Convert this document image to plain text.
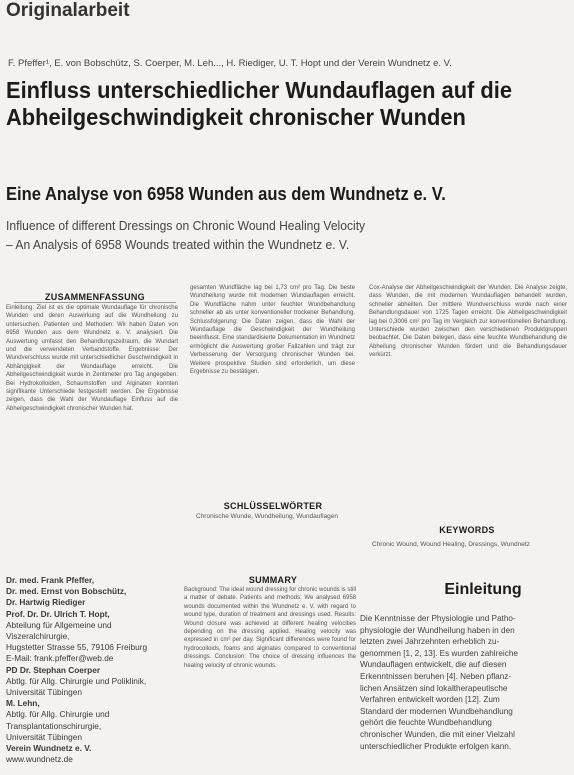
Originalarbeit
F. Pfeffer¹, E. von Bobschütz, S. Coerper, M. Leh..., H. Riediger, U. T. Hopt und der Verein Wundnetz e. V.
Einfluss unterschiedlicher Wundauflagen auf die Abheilgeschwindigkeit chronischer Wunden
Eine Analyse von 6958 Wunden aus dem Wundnetz e. V.
Influence of different Dressings on Chronic Wound Healing Velocity
– An Analysis of 6958 Wounds treated within the Wundnetz e. V.
ZUSAMMENFASSUNG
Einleitung: Ziel ist es die optimale Wundauflage für chronische Wunden und deren Auswirkung auf die Wundheilung zu untersuchen. Patienten und Methoden: Wir haben Daten von 6958 Wunden aus dem Wundnetz e. V. analysiert. Die Auswertung umfasst den Behandlungszeitraum, die Wundart und die verwendeten Verbandstoffe. Ergebnisse: Der Wundverschluss wurde mit unterschiedlicher Geschwindigkeit in Abhängigkeit der Wundauflage erreicht. Die Abheilgeschwindigkeit wurde in Zentimeter pro Tag angegeben. Bei Hydrokolloiden, Schaumstoffen und Alginaten konnten signifikante Unterschiede festgestellt werden. Die Ergebnisse zeigen, dass die Wahl der Wundauflage Einfluss auf die Abheilgeschwindigkeit chronischer Wunden hat.
gesamten Wundfläche lag bei 1,73 cm² pro Tag. Die beste Wundheilung wurde mit modernen Wundauflagen erreicht. Die Wundfläche nahm unter feuchter Wundbehandlung schneller ab als unter konventioneller trockener Behandlung. Schlussfolgerung: Die Daten zeigen, dass die Wahl der Wundauflage die Geschwindigkeit der Wundheilung beeinflusst. Eine standardisierte Dokumentation im Wundnetz ermöglicht die Auswertung großer Fallzahlen und trägt zur Verbesserung der Versorgung chronischer Wunden bei. Weitere prospektive Studien sind erforderlich, um diese Ergebnisse zu bestätigen.
SCHLÜSSELWÖRTER
Chronische Wunde, Wundheilung, Wundauflagen
Cox-Analyse der Abheilgeschwindigkeit der Wunden. Die Analyse zeigte, dass Wunden, die mit modernen Wundauflagen behandelt wurden, schneller abheilten. Der mittlere Wundverschluss wurde nach einer Behandlungsdauer von 1725 Tagen erreicht. Die Abheilgeschwindigkeit lag bei 0,3006 cm² pro Tag im Vergleich zur konventionellen Behandlung. Unterschiede wurden zwischen den verschiedenen Produktgruppen beobachtet. Die Daten belegen, dass eine feuchte Wundbehandlung die Abheilung chronischer Wunden fördert und die Behandlungsdauer verkürzt.
KEYWORDS
Chronic Wound, Wound Healing, Dressings, Wundnetz
Dr. med. Frank Pfeffer,
Dr. med. Ernst von Bobschütz,
Dr. Hartwig Riediger
Prof. Dr. Dr. Ulrich T. Hopt,
Abteilung für Allgemeine und
Viszeralchirurgie,
Hugstetter Strasse 55, 79106 Freiburg
E-Mail: frank.pfeffer@web.de
PD Dr. Stephan Coerper
Abtlg. für Allg. Chirurgie und Poliklinik,
Universität Tübingen
M. Lehn,
Abtlg. für Allg. Chirurgie und
Transplantationschirurgie,
Universität Tübingen
Verein Wundnetz e. V.
www.wundnetz.de
SUMMARY
Background: The ideal wound dressing for chronic wounds is still a matter of debate. Patients and methods: We analysed 6958 wounds documented within the Wundnetz e. V. with regard to wound type, duration of treatment and dressings used. Results: Wound closure was achieved at different healing velocities depending on the dressing applied. Healing velocity was expressed in cm² per day. Significant differences were found for hydrocolloids, foams and alginates compared to conventional dressings. Conclusion: The choice of dressing influences the healing velocity of chronic wounds.
Einleitung
Die Kenntnisse der Physiologie und Patho-
physiologie der Wundheilung haben in den
letzten zwei Jahrzehnten erheblich zu-
genommen [1, 2, 13]. Es wurden zahlreiche
Wundauflagen entwickelt, die auf diesen
Erkenntnissen beruhen [4]. Neben pflanz-
lichen Ansätzen sind lokaltherapeutische
Verfahren entwickelt worden [12]. Zum
Standard der modernen Wundbehandlung
gehört die feuchte Wundbehandlung
chronischer Wunden, die mit einer Vielzahl
unterschiedlicher Produkte erfolgen kann.
